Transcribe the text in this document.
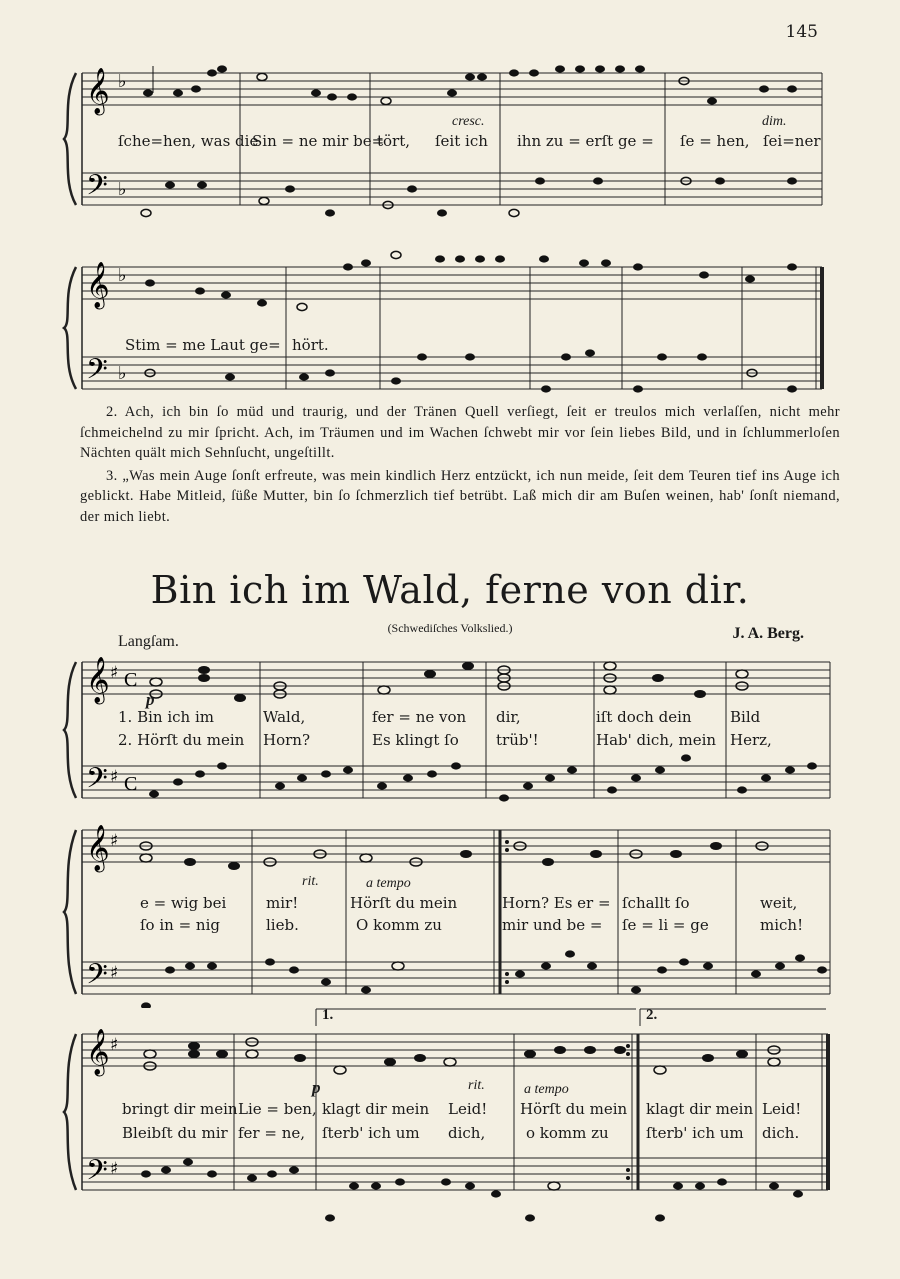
145
𝄞
𝄢
♭
♭
ſche=hen, was die
Sin = ne mir be=
tört, ſeit ich ihn zu = erſt ge = ſe = hen, ſei=ner
cresc.	dim.
𝄞
𝄢
♭
♭
Stim = me Laut ge= hört.

2. Ach, ich bin ſo müd und traurig, und der Tränen Quell verſiegt, ſeit er treulos mich verlaſſen, nicht mehr ſchmeichelnd zu mir ſpricht. Ach, im Träumen und im Wachen ſchwebt mir vor ſein liebes Bild, und in ſchlummerloſen Nächten quält mich Sehnſucht, ungeſtillt.

3. „Was mein Auge ſonſt erfreute, was mein kindlich Herz entzückt, ich nun meide, ſeit dem Teuren tief ins Auge ich geblickt. Habe Mitleid, ſüße Mutter, bin ſo ſchmerzlich tief betrübt. Laß mich dir am Buſen weinen, hab' ſonſt niemand, der mich liebt.

Bin ich im Wald, ferne von dir.
(Schwediſches Volkslied.)
Langſam.	J. A. Berg.
𝄞
𝄢
♯
♯
C
C
p
1. Bin ich im	Wald,	fer = ne von dir,	iſt doch dein	Bild
2. Hörſt du mein Horn?	Es klingt ſo trüb'!	Hab' dich, mein Herz,
𝄞
𝄢
♯
♯
rit.	a tempo
e = wig bei	mir!	Hörſt du mein	Horn? Es er = ſchallt ſo	weit,
ſo in = nig	lieb.	O komm zu	mir und be = ſe = li = ge	mich!
𝄞
𝄢
♯
♯
1.	2.
p	rit.	a tempo
bringt dir mein Lie = ben, klagt dir mein Leid! Hörſt du mein klagt dir mein Leid!
Bleibſt du mir fer = ne, ſterb' ich um dich,	o komm zu ſterb' ich um dich.
